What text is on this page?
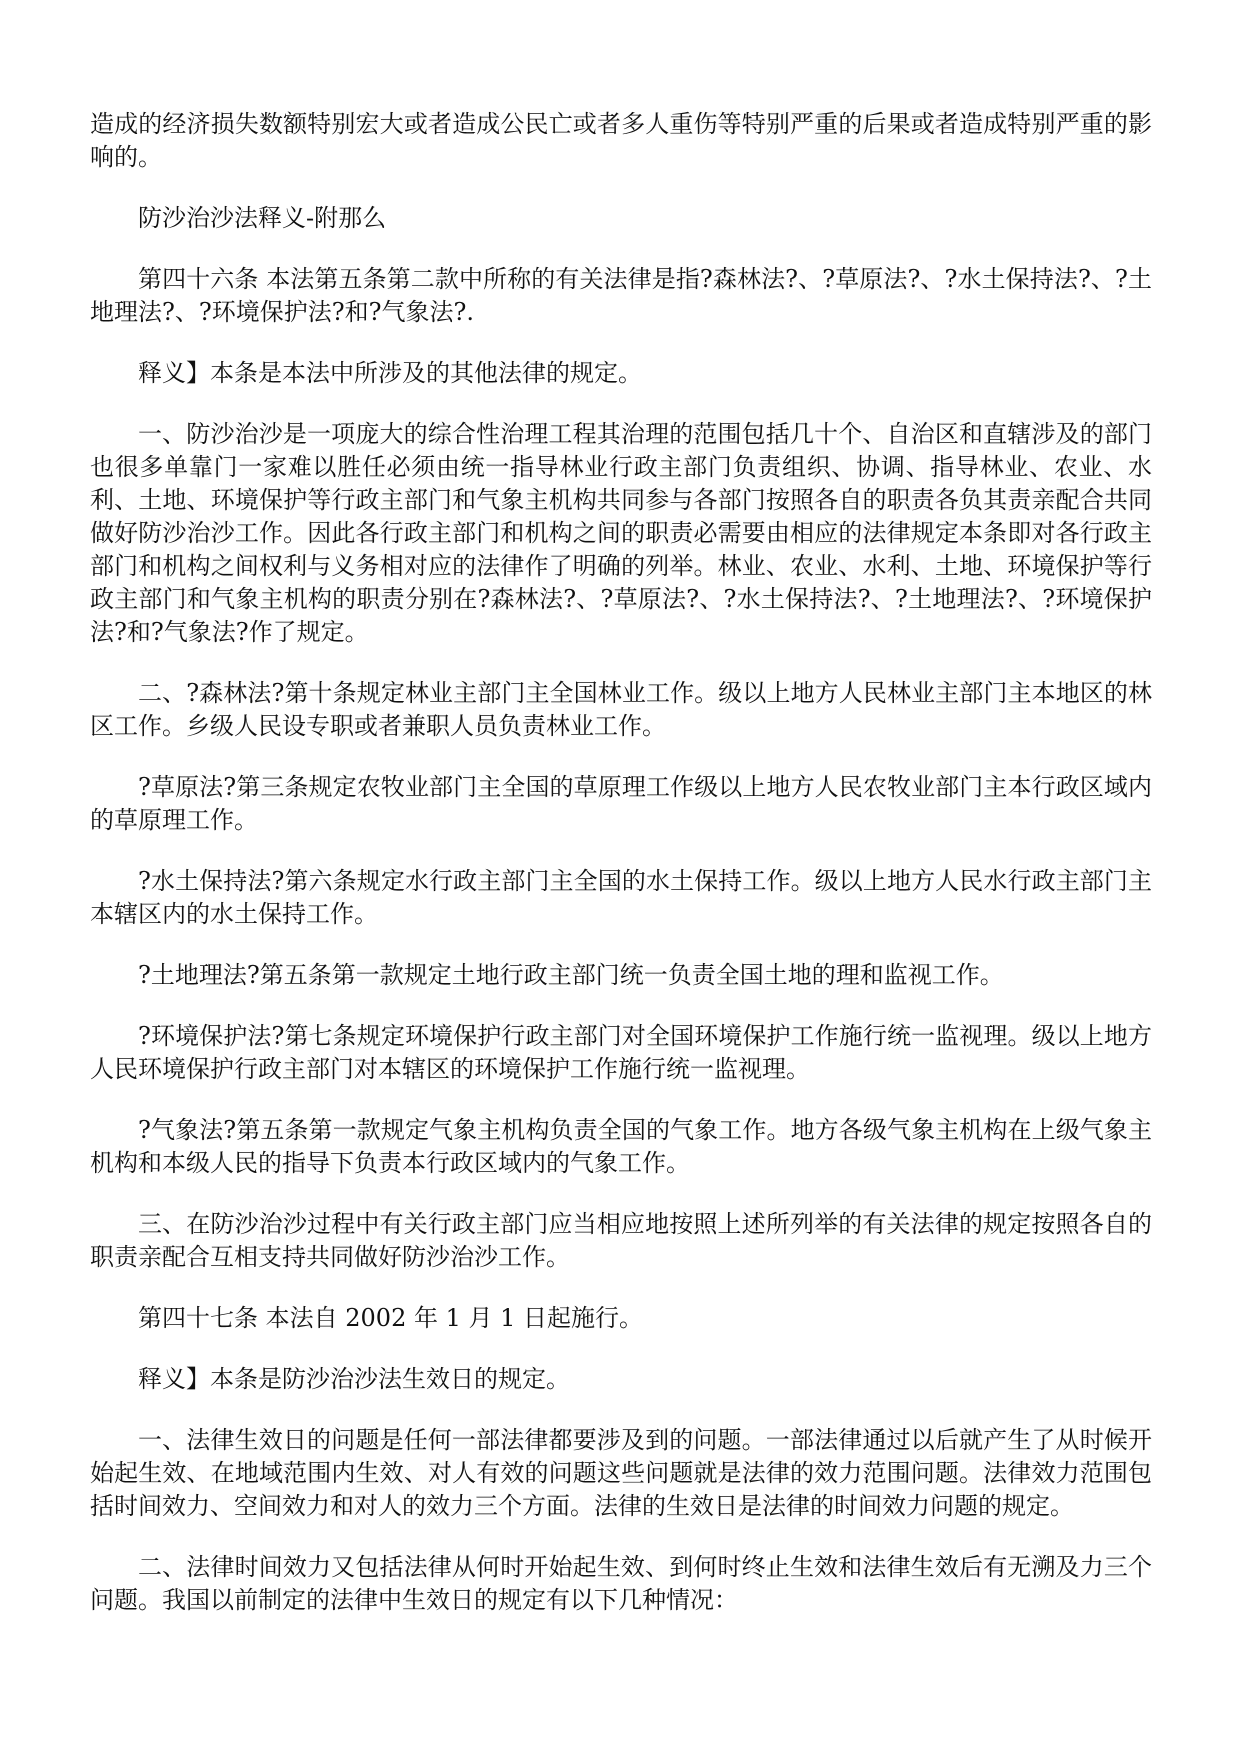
造成的经济损失数额特别宏大或者造成公民亡或者多人重伤等特别严重的后果或者造成特别严重的影响的。

防沙治沙法释义-附那么

第四十六条 本法第五条第二款中所称的有关法律是指?森林法?、?草原法?、?水土保持法?、?土地理法?、?环境保护法?和?气象法?.

释义】本条是本法中所涉及的其他法律的规定。

一、防沙治沙是一项庞大的综合性治理工程其治理的范围包括几十个、自治区和直辖涉及的部门也很多单靠门一家难以胜任必须由统一指导林业行政主部门负责组织、协调、指导林业、农业、水利、土地、环境保护等行政主部门和气象主机构共同参与各部门按照各自的职责各负其责亲配合共同做好防沙治沙工作。因此各行政主部门和机构之间的职责必需要由相应的法律规定本条即对各行政主部门和机构之间权利与义务相对应的法律作了明确的列举。林业、农业、水利、土地、环境保护等行政主部门和气象主机构的职责分别在?森林法?、?草原法?、?水土保持法?、?土地理法?、?环境保护法?和?气象法?作了规定。

二、?森林法?第十条规定林业主部门主全国林业工作。级以上地方人民林业主部门主本地区的林区工作。乡级人民设专职或者兼职人员负责林业工作。

?草原法?第三条规定农牧业部门主全国的草原理工作级以上地方人民农牧业部门主本行政区域内的草原理工作。

?水土保持法?第六条规定水行政主部门主全国的水土保持工作。级以上地方人民水行政主部门主本辖区内的水土保持工作。

?土地理法?第五条第一款规定土地行政主部门统一负责全国土地的理和监视工作。

?环境保护法?第七条规定环境保护行政主部门对全国环境保护工作施行统一监视理。级以上地方人民环境保护行政主部门对本辖区的环境保护工作施行统一监视理。

?气象法?第五条第一款规定气象主机构负责全国的气象工作。地方各级气象主机构在上级气象主机构和本级人民的指导下负责本行政区域内的气象工作。

三、在防沙治沙过程中有关行政主部门应当相应地按照上述所列举的有关法律的规定按照各自的职责亲配合互相支持共同做好防沙治沙工作。

第四十七条 本法自 2002 年 1 月 1 日起施行。

释义】本条是防沙治沙法生效日的规定。

一、法律生效日的问题是任何一部法律都要涉及到的问题。一部法律通过以后就产生了从时候开始起生效、在地域范围内生效、对人有效的问题这些问题就是法律的效力范围问题。法律效力范围包括时间效力、空间效力和对人的效力三个方面。法律的生效日是法律的时间效力问题的规定。

二、法律时间效力又包括法律从何时开始起生效、到何时终止生效和法律生效后有无溯及力三个问题。我国以前制定的法律中生效日的规定有以下几种情况：
